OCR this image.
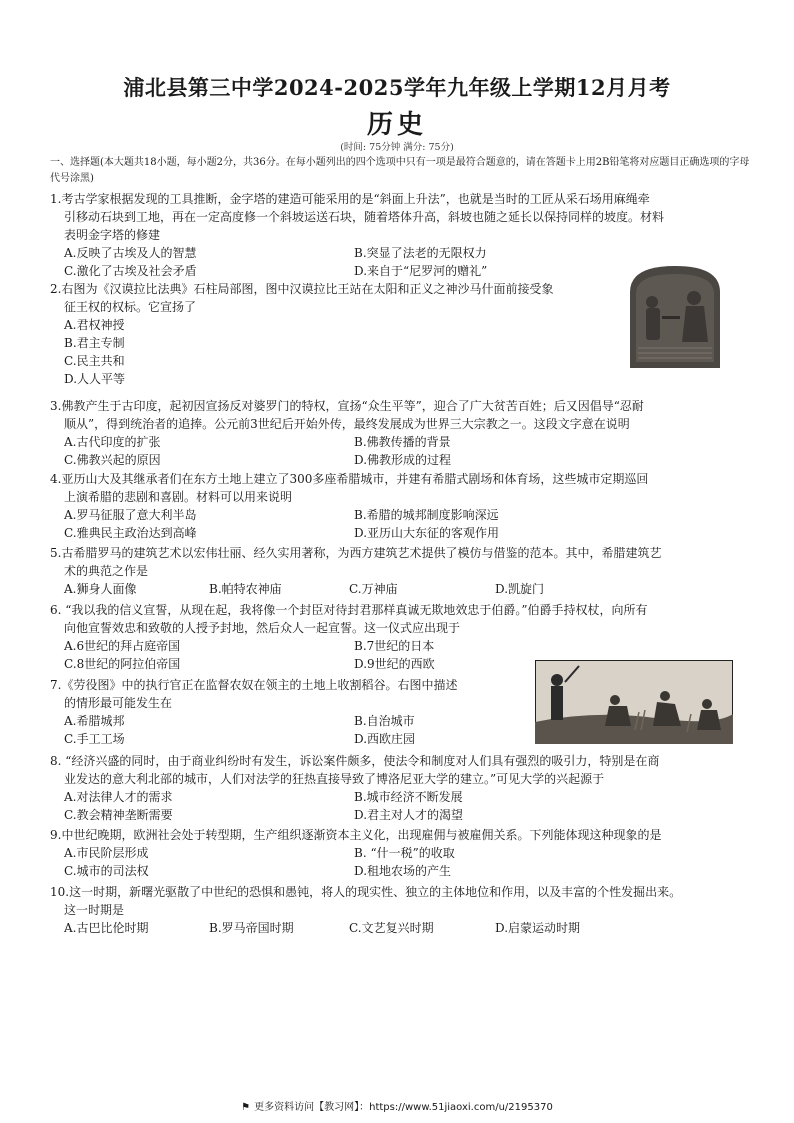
浦北县第三中学2024-2025学年九年级上学期12月月考
历史
(时间: 75分钟 满分: 75分)
一、选择题(本大题共18小题，每小题2分，共36分。在每小题列出的四个选项中只有一项是最符合题意的，请在答题卡上用2B铅笔将对应题目正确选项的字母代号涂黑)
1.考古学家根据发现的工具推断，金字塔的建造可能采用的是“斜面上升法”，也就是当时的工匠从采石场用麻绳牵
引移动石块到工地，再在一定高度修一个斜坡运送石块，随着塔体升高，斜坡也随之延长以保持同样的坡度。材料
表明金字塔的修建
A.反映了古埃及人的智慧	B.突显了法老的无限权力
C.激化了古埃及社会矛盾	D.来自于“尼罗河的赠礼”
2.右图为《汉谟拉比法典》石柱局部图，图中汉谟拉比王站在太阳和正义之神沙马什面前接受象
征王权的权标。它宣扬了
A.君权神授
B.君主专制
C.民主共和
D.人人平等
3.佛教产生于古印度，起初因宣扬反对婆罗门的特权，宣扬“众生平等”，迎合了广大贫苦百姓；后又因倡导“忍耐
顺从”，得到统治者的追捧。公元前3世纪后开始外传，最终发展成为世界三大宗教之一。这段文字意在说明
A.古代印度的扩张	B.佛教传播的背景
C.佛教兴起的原因	D.佛教形成的过程
4.亚历山大及其继承者们在东方土地上建立了300多座希腊城市，并建有希腊式剧场和体育场，这些城市定期巡回
上演希腊的悲剧和喜剧。材料可以用来说明
A.罗马征服了意大利半岛	B.希腊的城邦制度影响深远
C.雅典民主政治达到高峰	D.亚历山大东征的客观作用
5.古希腊罗马的建筑艺术以宏伟壮丽、经久实用著称，为西方建筑艺术提供了模仿与借鉴的范本。其中，希腊建筑艺
术的典范之作是
A.狮身人面像	B.帕特农神庙	C.万神庙	D.凯旋门
6. “我以我的信义宣誓，从现在起，我将像一个封臣对待封君那样真诚无欺地效忠于伯爵。”伯爵手持权杖，向所有
向他宣誓效忠和致敬的人授予封地，然后众人一起宣誓。这一仪式应出现于
A.6世纪的拜占庭帝国	B.7世纪的日本
C.8世纪的阿拉伯帝国	D.9世纪的西欧
7.《劳役图》中的执行官正在监督农奴在领主的土地上收割稻谷。右图中描述
的情形最可能发生在
A.希腊城邦	B.自治城市
C.手工工场	D.西欧庄园
8. “经济兴盛的同时，由于商业纠纷时有发生，诉讼案件颇多，使法令和制度对人们具有强烈的吸引力，特别是在商
业发达的意大利北部的城市，人们对法学的狂热直接导致了博洛尼亚大学的建立。”可见大学的兴起源于
A.对法律人才的需求	B.城市经济不断发展
C.教会精神垄断需要	D.君主对人才的渴望
9.中世纪晚期，欧洲社会处于转型期，生产组织逐渐资本主义化，出现雇佣与被雇佣关系。下列能体现这种现象的是
A.市民阶层形成	B. “什一税”的收取
C.城市的司法权	D.租地农场的产生
10.这一时期，新曙光驱散了中世纪的恐惧和愚钝，将人的现实性、独立的主体地位和作用，以及丰富的个性发掘出来。
这一时期是
A.古巴比伦时期	B.罗马帝国时期	C.文艺复兴时期	D.启蒙运动时期
⚑ 更多资料访问【教习网】：https://www.51jiaoxi.com/u/2195370
